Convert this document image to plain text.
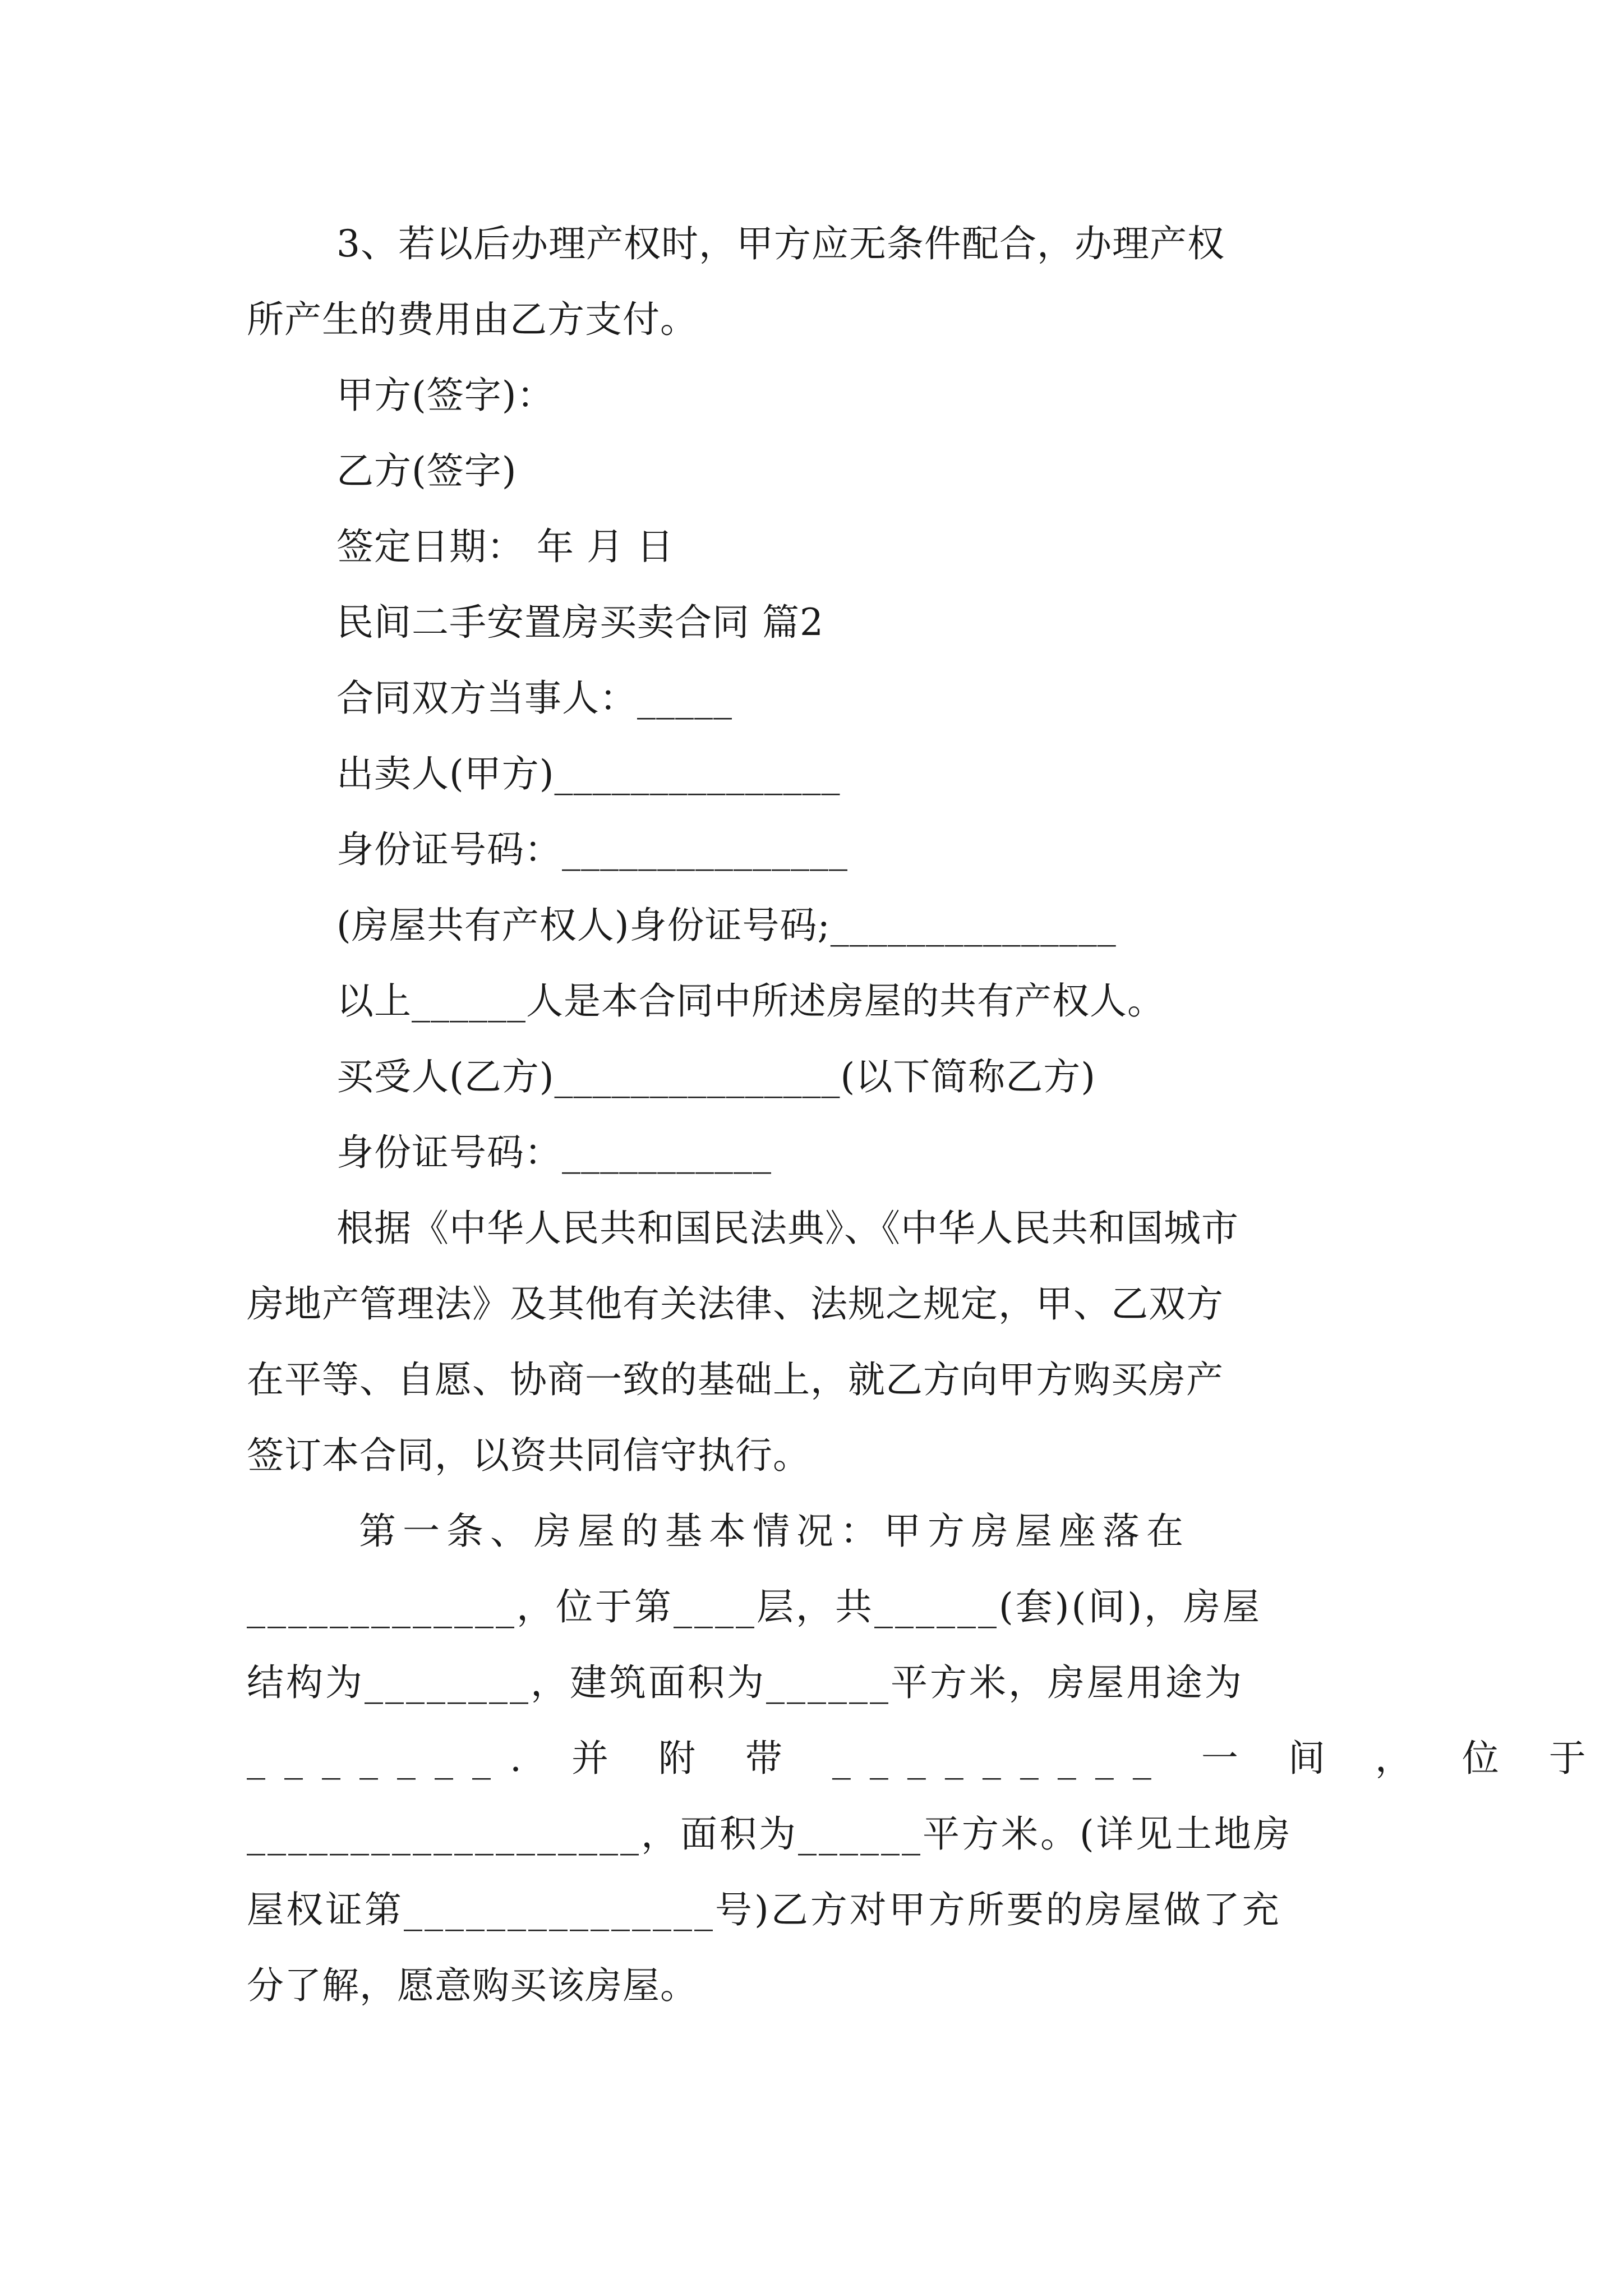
3、若以后办理产权时，甲方应无条件配合，办理产权
所产生的费用由乙方支付。
甲方(签字)：
乙方(签字)
签定日期： 年 月 日
民间二手安置房买卖合同 篇2
合同双方当事人：_____
出卖人(甲方)_______________
身份证号码：_______________
(房屋共有产权人)身份证号码;_______________
以上______人是本合同中所述房屋的共有产权人。
买受人(乙方)_______________(以下简称乙方)
身份证号码：___________
根据《中华人民共和国民法典》、《中华人民共和国城市
房地产管理法》及其他有关法律、法规之规定，甲、乙双方
在平等、自愿、协商一致的基础上，就乙方向甲方购买房产
签订本合同，以资共同信守执行。
第一条、房屋的基本情况：甲方房屋座落在
_____________，位于第____层，共______(套)(间)，房屋
结构为________，建筑面积为______平方米，房屋用途为
_______. 并 附 带 _________ 一 间 ， 位 于
___________________，面积为______平方米。(详见土地房
屋权证第_______________号)乙方对甲方所要的房屋做了充
分了解，愿意购买该房屋。
